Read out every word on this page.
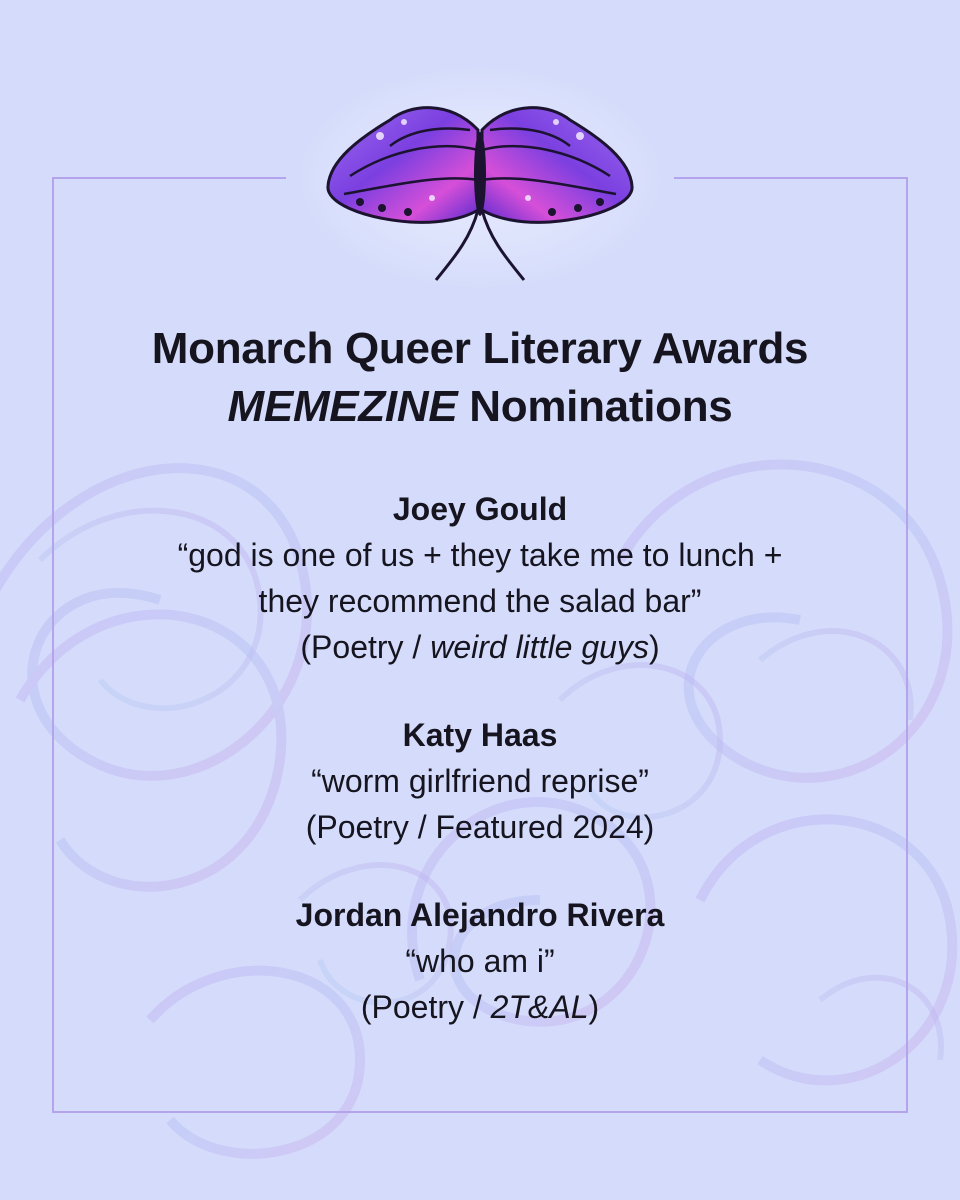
Monarch Queer Literary Awards
MEMEZINE Nominations
Joey Gould
“god is one of us + they take me to lunch +
they recommend the salad bar”
(Poetry / weird little guys)
Katy Haas
“worm girlfriend reprise”
(Poetry / Featured 2024)
Jordan Alejandro Rivera
“who am i”
(Poetry / 2T&AL)
